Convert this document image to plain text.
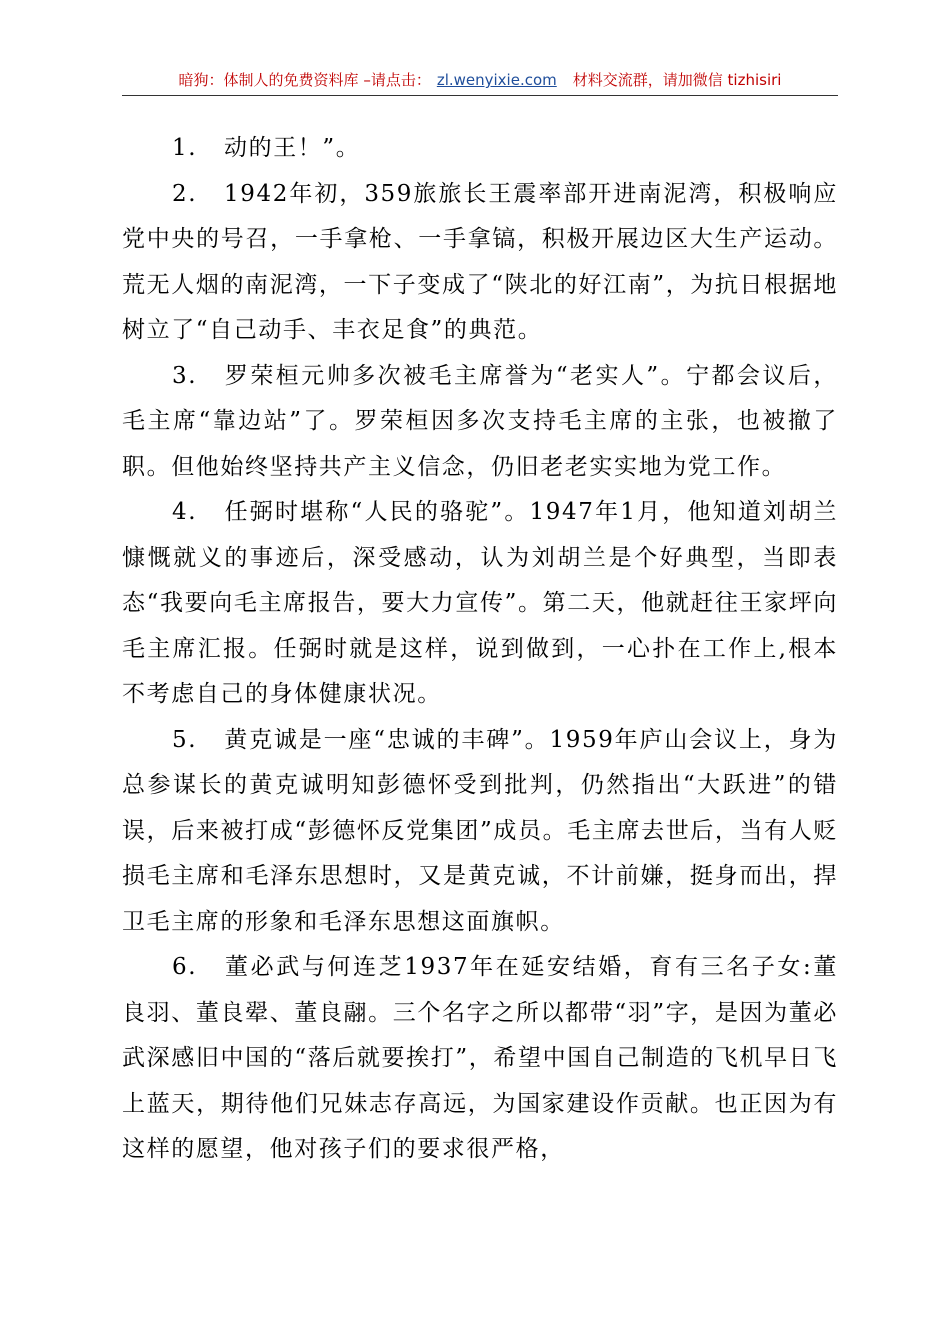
暗狗：体制人的免费资料库 –请点击： zl.wenyixie.com 材料交流群，请加微信 tizhisiri

1. 动的王！”。

2. 1942年初，359旅旅长王震率部开进南泥湾，积极响应党中央的号召，一手拿枪、一手拿镐，积极开展边区大生产运动。荒无人烟的南泥湾，一下子变成了“陕北的好江南”，为抗日根据地树立了“自己动手、丰衣足食”的典范。

3. 罗荣桓元帅多次被毛主席誉为“老实人”。宁都会议后，毛主席“靠边站”了。罗荣桓因多次支持毛主席的主张，也被撤了职。但他始终坚持共产主义信念，仍旧老老实实地为党工作。

4. 任弼时堪称“人民的骆驼”。1947年1月，他知道刘胡兰慷慨就义的事迹后，深受感动，认为刘胡兰是个好典型，当即表态“我要向毛主席报告，要大力宣传”。第二天，他就赶往王家坪向毛主席汇报。任弼时就是这样，说到做到，一心扑在工作上,根本不考虑自己的身体健康状况。

5. 黄克诚是一座“忠诚的丰碑”。1959年庐山会议上，身为总参谋长的黄克诚明知彭德怀受到批判，仍然指出“大跃进”的错误，后来被打成“彭德怀反党集团”成员。毛主席去世后，当有人贬损毛主席和毛泽东思想时，又是黄克诚，不计前嫌，挺身而出，捍卫毛主席的形象和毛泽东思想这面旗帜。

6. 董必武与何连芝1937年在延安结婚，育有三名子女:董良羽、董良翚、董良翮。三个名字之所以都带“羽”字，是因为董必武深感旧中国的“落后就要挨打”，希望中国自己制造的飞机早日飞上蓝天，期待他们兄妹志存高远，为国家建设作贡献。也正因为有这样的愿望，他对孩子们的要求很严格，
